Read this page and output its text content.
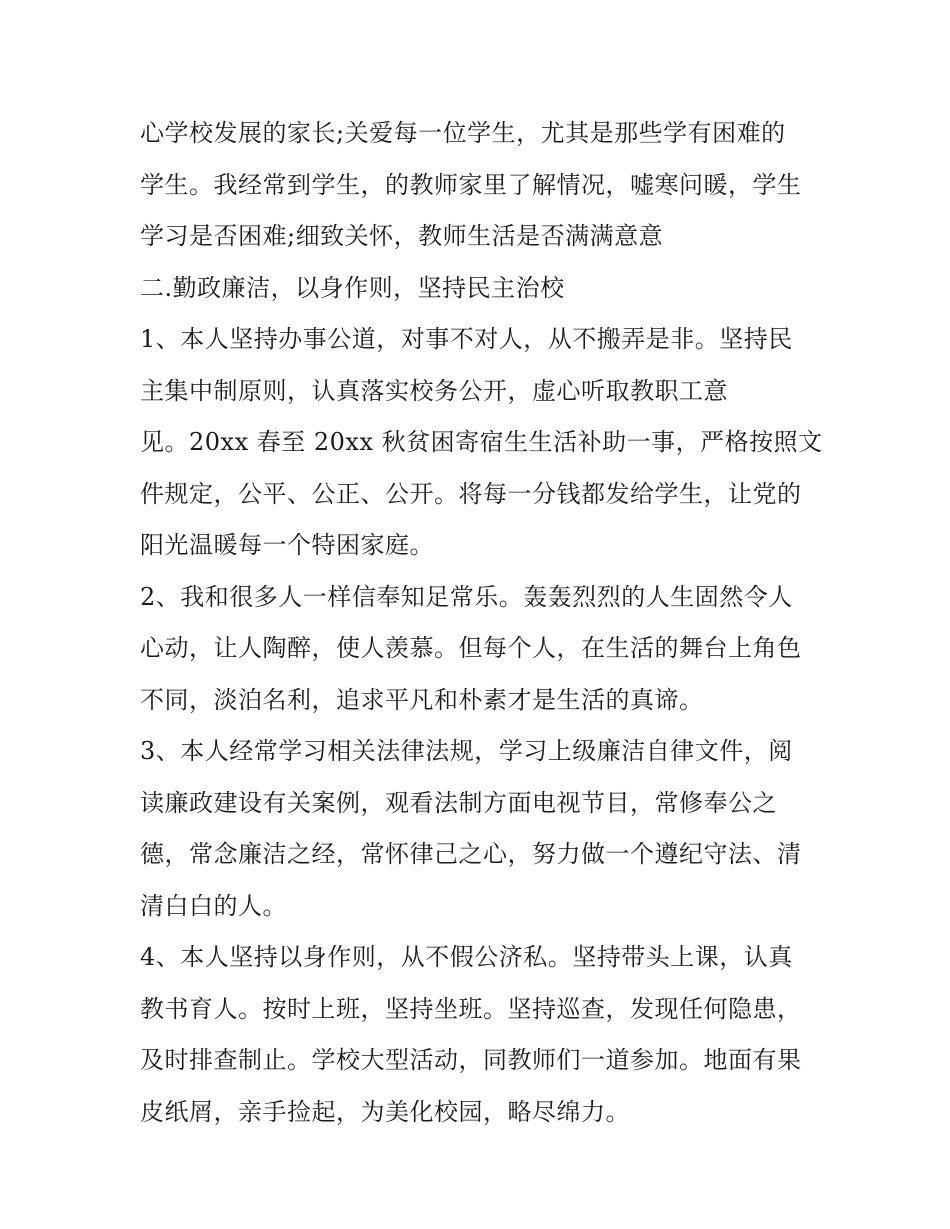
心学校发展的家长;关爱每一位学生，尤其是那些学有困难的
学生。我经常到学生，的教师家里了解情况，嘘寒问暖，学生
学习是否困难;细致关怀，教师生活是否满满意意
二.勤政廉洁，以身作则，坚持民主治校
1、本人坚持办事公道，对事不对人，从不搬弄是非。坚持民
主集中制原则，认真落实校务公开，虚心听取教职工意
见。20xx 春至 20xx 秋贫困寄宿生生活补助一事，严格按照文
件规定，公平、公正、公开。将每一分钱都发给学生，让党的
阳光温暖每一个特困家庭。
2、我和很多人一样信奉知足常乐。轰轰烈烈的人生固然令人
心动，让人陶醉，使人羡慕。但每个人，在生活的舞台上角色
不同，淡泊名利，追求平凡和朴素才是生活的真谛。
3、本人经常学习相关法律法规，学习上级廉洁自律文件，阅
读廉政建设有关案例，观看法制方面电视节目，常修奉公之
德，常念廉洁之经，常怀律己之心，努力做一个遵纪守法、清
清白白的人。
4、本人坚持以身作则，从不假公济私。坚持带头上课，认真
教书育人。按时上班，坚持坐班。坚持巡查，发现任何隐患，
及时排查制止。学校大型活动，同教师们一道参加。地面有果
皮纸屑，亲手捡起，为美化校园，略尽绵力。
